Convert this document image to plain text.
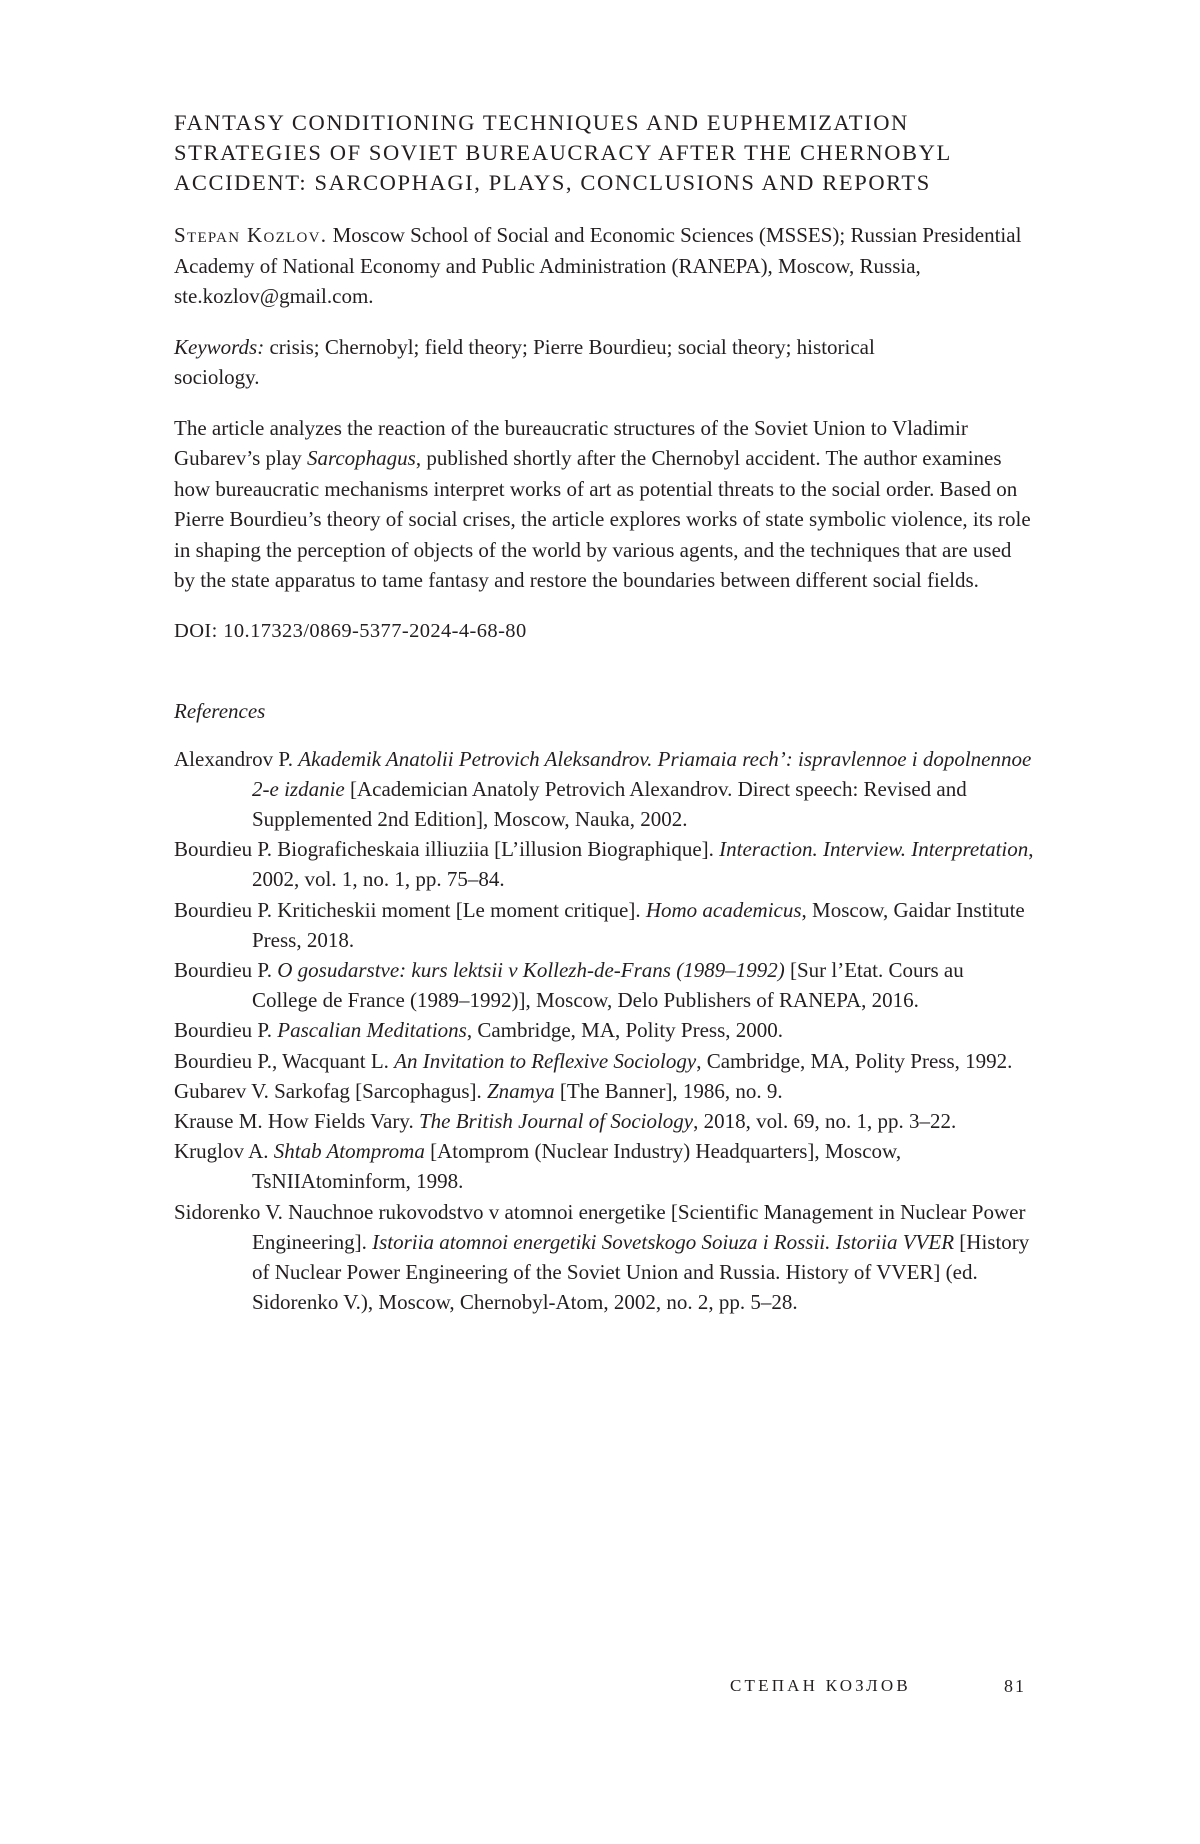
FANTASY CONDITIONING TECHNIQUES AND EUPHEMIZATION STRATEGIES OF SOVIET BUREAUCRACY AFTER THE CHERNOBYL ACCIDENT: SARCOPHAGI, PLAYS, CONCLUSIONS AND REPORTS

Stepan Kozlov. Moscow School of Social and Economic Sciences (MSSES); Russian Presidential Academy of National Economy and Public Administration (RANEPA), Moscow, Russia, ste.kozlov@gmail.com.

Keywords: crisis; Chernobyl; field theory; Pierre Bourdieu; social theory; historical sociology.

The article analyzes the reaction of the bureaucratic structures of the Soviet Union to Vladimir Gubarev’s play Sarcophagus, published shortly after the Chernobyl accident. The author examines how bureaucratic mechanisms interpret works of art as potential threats to the social order. Based on Pierre Bourdieu’s theory of social crises, the article explores works of state symbolic violence, its role in shaping the perception of objects of the world by various agents, and the techniques that are used by the state apparatus to tame fantasy and restore the boundaries between different social fields.

DOI: 10.17323/0869-5377-2024-4-68-80

References
Alexandrov P. Akademik Anatolii Petrovich Aleksandrov. Priamaia rech’: ispravlennoe i dopolnennoe 2-e izdanie [Academician Anatoly Petrovich Alexandrov. Direct speech: Revised and Supplemented 2nd Edition], Moscow, Nauka, 2002.
Bourdieu P. Biograficheskaia illiuziia [L’illusion Biographique]. Interaction. Interview. Interpretation, 2002, vol. 1, no. 1, pp. 75–84.
Bourdieu P. Kriticheskii moment [Le moment critique]. Homo academicus, Moscow, Gaidar Institute Press, 2018.
Bourdieu P. O gosudarstve: kurs lektsii v Kollezh-de-Frans (1989–1992) [Sur l’Etat. Cours au College de France (1989–1992)], Moscow, Delo Publishers of RANEPA, 2016.
Bourdieu P. Pascalian Meditations, Cambridge, MA, Polity Press, 2000.
Bourdieu P., Wacquant L. An Invitation to Reflexive Sociology, Cambridge, MA, Polity Press, 1992.
Gubarev V. Sarkofag [Sarcophagus]. Znamya [The Banner], 1986, no. 9.
Krause M. How Fields Vary. The British Journal of Sociology, 2018, vol. 69, no. 1, pp. 3–22.
Kruglov A. Shtab Atomproma [Atomprom (Nuclear Industry) Headquarters], Moscow, TsNIIAtominform, 1998.
Sidorenko V. Nauchnoe rukovodstvo v atomnoi energetike [Scientific Management in Nuclear Power Engineering]. Istoriia atomnoi energetiki Sovetskogo Soiuza i Rossii. Istoriia VVER [History of Nuclear Power Engineering of the Soviet Union and Russia. History of VVER] (ed. Sidorenko V.), Moscow, Chernobyl-Atom, 2002, no. 2, pp. 5–28.
СТЕПАН КОЗЛОВ	81
